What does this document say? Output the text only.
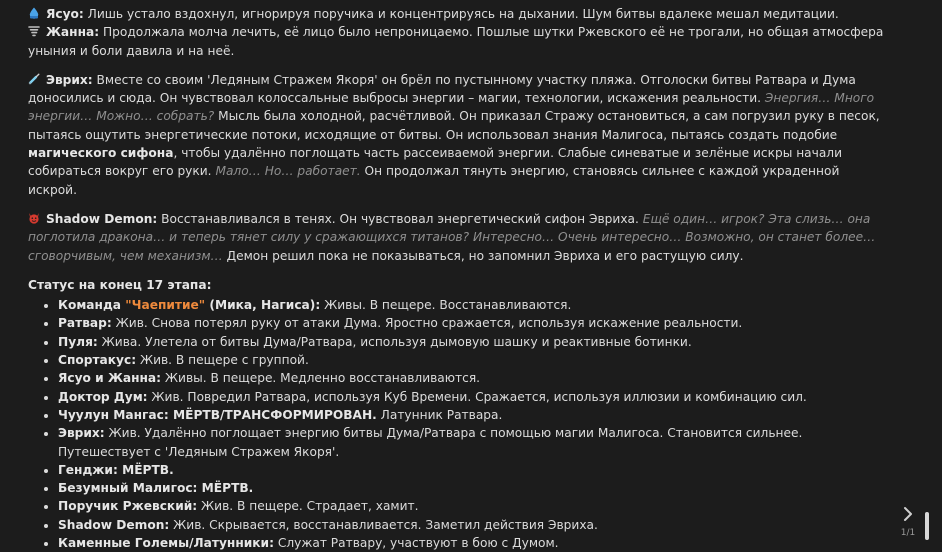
Ясуо: Лишь устало вздохнул, игнорируя поручика и концентрируясь на дыхании. Шум битвы вдалеке мешал медитации.

Жанна: Продолжала молча лечить, её лицо было непроницаемо. Пошлые шутки Ржевского её не трогали, но общая атмосфера уныния и боли давила и на неё.

Эврих: Вместе со своим 'Ледяным Стражем Якоря' он брёл по пустынному участку пляжа. Отголоски битвы Ратвара и Дума доносились и сюда. Он чувствовал колоссальные выбросы энергии – магии, технологии, искажения реальности. Энергия… Много энергии… Можно… собрать? Мысль была холодной, расчётливой. Он приказал Стражу остановиться, а сам погрузил руку в песок, пытаясь ощутить энергетические потоки, исходящие от битвы. Он использовал знания Малигоса, пытаясь создать подобие магического сифона, чтобы удалённо поглощать часть рассеиваемой энергии. Слабые синеватые и зелёные искры начали собираться вокруг его руки. Мало… Но… работает. Он продолжал тянуть энергию, становясь сильнее с каждой украденной искрой.

Shadow Demon: Восстанавливался в тенях. Он чувствовал энергетический сифон Эвриха. Ещё один… игрок? Эта слизь… она поглотила дракона… и теперь тянет силу у сражающихся титанов? Интересно… Очень интересно… Возможно, он станет более… сговорчивым, чем механизм… Демон решил пока не показываться, но запомнил Эвриха и его растущую силу.

Статус на конец 17 этапа:

• Команда "Чаепитие" (Мика, Нагиса): Живы. В пещере. Восстанавливаются.
• Ратвар: Жив. Снова потерял руку от атаки Дума. Яростно сражается, используя искажение реальности.
• Пуля: Жива. Улетела от битвы Дума/Ратвара, используя дымовую шашку и реактивные ботинки.
• Спортакус: Жив. В пещере с группой.
• Ясуо и Жанна: Живы. В пещере. Медленно восстанавливаются.
• Доктор Дум: Жив. Повредил Ратвара, используя Куб Времени. Сражается, используя иллюзии и комбинацию сил.
• Чуулун Мангас: МЁРТВ/ТРАНСФОРМИРОВАН. Латунник Ратвара.
• Эврих: Жив. Удалённо поглощает энергию битвы Дума/Ратвара с помощью магии Малигоса. Становится сильнее. Путешествует с 'Ледяным Стражем Якоря'.
• Генджи: МЁРТВ.
• Безумный Малигос: МЁРТВ.
• Поручик Ржевский: Жив. В пещере. Страдает, хамит.
• Shadow Demon: Жив. Скрывается, восстанавливается. Заметил действия Эвриха.
• Каменные Големы/Латунники: Служат Ратвару, участвуют в бою с Думом.
1/1
